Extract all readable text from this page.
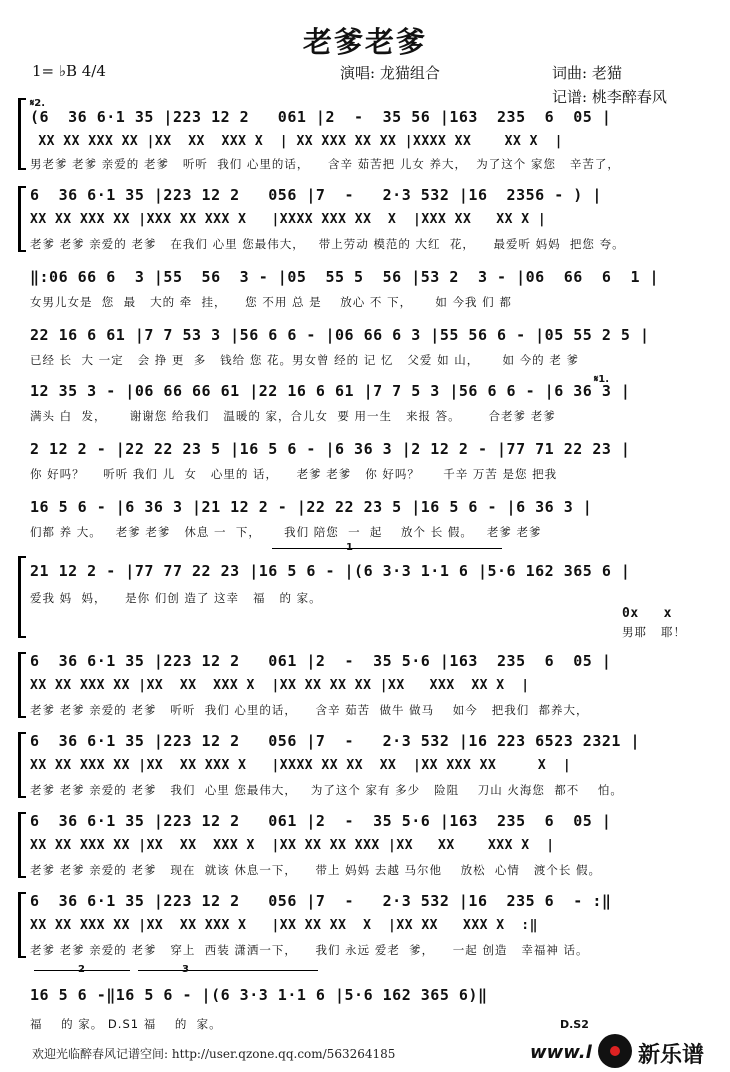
老爹老爹
1= ♭B 4/4	演唱: 龙猫组合	词曲: 老猫
记谱: 桃李醉春风
𝄋2.
(6  36 6·1 35 |223 12 2   061 |2  -  35 56 |163  235  6  05 |
XX XX XXX XX |XX  XX  XXX X  | XX XXX XX XX |XXXX XX    XX X  |
男老爹 老爹 亲爱的 老爹   听听  我们 心里的话，    含辛 茹苦把 儿女 养大，  为了这个 家您   辛苦了，
6  36 6·1 35 |223 12 2   056 |7  -   2·3 532 |16  2356 - ) |
XX XX XXX XX |XXX XX XXX X   |XXXX XXX XX  X  |XXX XX   XX X |
老爹 老爹 亲爱的 老爹   在我们 心里 您最伟大，   带上劳动 模范的 大红  花，    最爱听 妈妈  把您 夸。
‖:06 66 6  3 |55  56  3 - |05  55 5  56 |53 2  3 - |06  66  6  1 |
女男儿女是  您  最   大的 牵  挂，    您 不用 总 是    放心 不 下，     如 今我 们 都
22 16 6 61 |7 7 53 3 |56 6 6 - |06 66 6 3 |55 56 6 - |05 55 2 5 |
已经 长  大 一定   会 挣 更  多   钱给 您 花。男女曾 经的 记 忆   父爱 如 山，     如 今的 老 爹
𝄋1.
12 35 3 - |06 66 66 61 |22 16 6 61 |7 7 5 3 |56 6 6 - |6 36 3 |
满头 白  发，     谢谢您 给我们   温暖的 家，合儿女  要 用一生   来报 答。      合老爹 老爹
2 12 2 - |22 22 23 5 |16 5 6 - |6 36 3 |2 12 2 - |77 71 22 23 |
你 好吗？    听听 我们 儿  女   心里的 话，    老爹 老爹   你 好吗？     千辛 万苦 是您 把我
16 5 6 - |6 36 3 |21 12 2 - |22 22 23 5 |16 5 6 - |6 36 3 |
们都 养 大。   老爹 老爹   休息 一  下，     我们 陪您  一  起    放个 长 假。   老爹 老爹
1
21 12 2 - |77 77 22 23 |16 5 6 - |(6 3·3 1·1 6 |5·6 162 365 6 |
爱我 妈  妈，    是你 们创 造了 这幸   福   的 家。
0x   x
男耶   耶！
6  36 6·1 35 |223 12 2   061 |2  -  35 5·6 |163  235  6  05 |
XX XX XXX XX |XX  XX  XXX X  |XX XX XX XX |XX   XXX  XX X  |
老爹 老爹 亲爱的 老爹   听听  我们 心里的话，    含辛 茹苦  做牛 做马    如今   把我们  都养大，
6  36 6·1 35 |223 12 2   056 |7  -   2·3 532 |16 223 6523 2321 |
XX XX XXX XX |XX  XX XXX X   |XXXX XX XX  XX  |XX XXX XX     X  |
老爹 老爹 亲爱的 老爹   我们  心里 您最伟大，   为了这个 家有 多少   险阻    刀山 火海您  都不    怕。
6  36 6·1 35 |223 12 2   061 |2  -  35 5·6 |163  235  6  05 |
XX XX XXX XX |XX  XX  XXX X  |XX XX XX XXX |XX   XX    XXX X  |
老爹 老爹 亲爱的 老爹   现在  就该 休息一下，    带上 妈妈 去越 马尔他    放松  心情   渡个长 假。
6  36 6·1 35 |223 12 2   056 |7  -   2·3 532 |16  235 6  - :‖
XX XX XXX XX |XX  XX XXX X   |XX XX XX  X  |XX XX   XXX X  :‖
老爹 老爹 亲爱的 老爹   穿上  西装 潇洒一下，    我们 永远 爱老  爹，    一起 创造   幸福神 话。
2	3
16 5 6 -‖16 5 6 - |(6 3·3 1·1 6 |5·6 162 365 6)‖
福    的 家。 D.S1 福    的  家。	D.S2
欢迎光临醉春风记谱空间: http://user.qzone.qq.com/563264185	www.l 新乐谱
